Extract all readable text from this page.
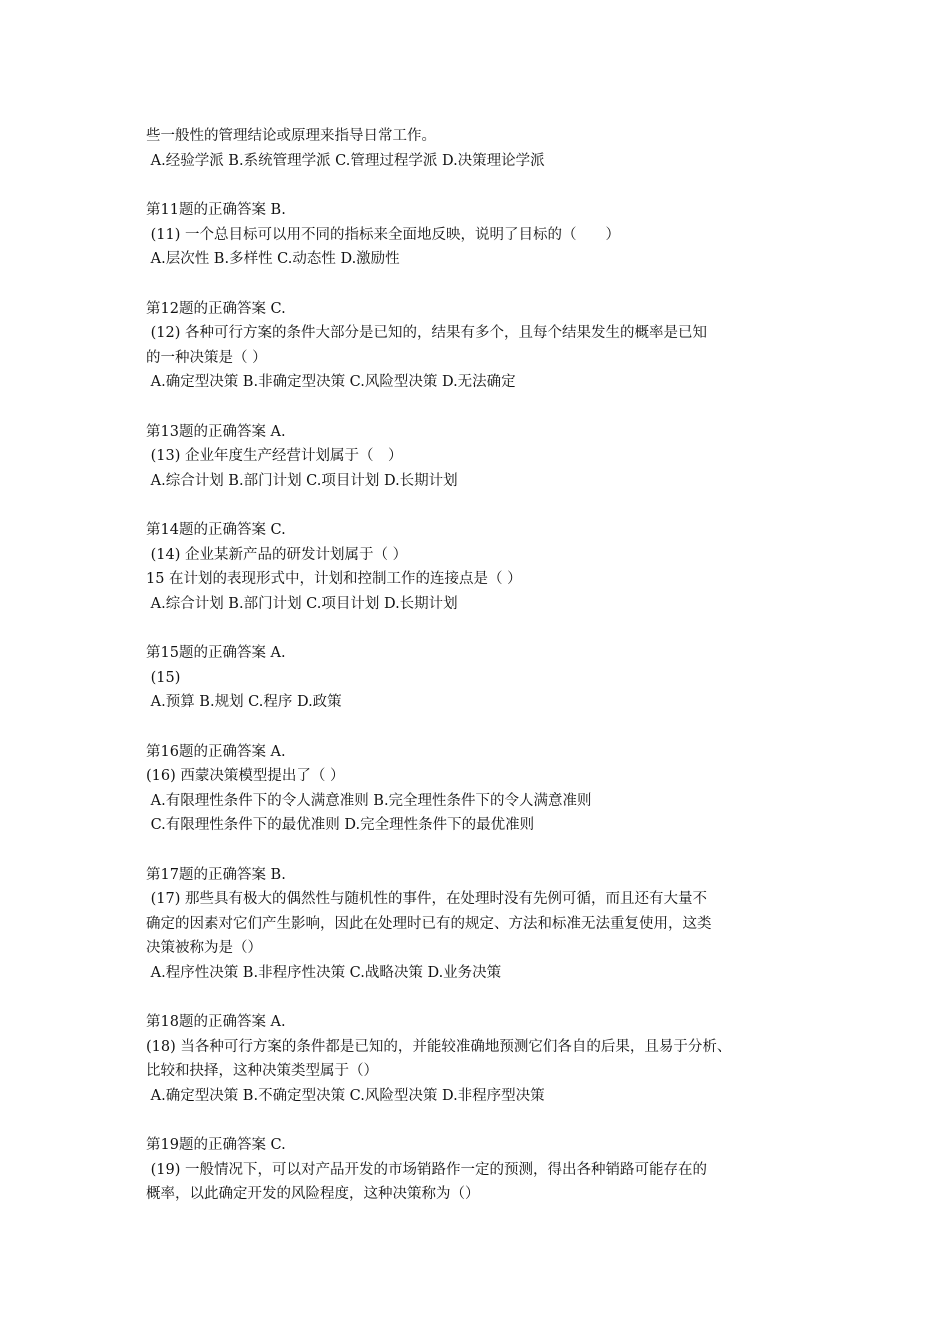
些一般性的管理结论或原理来指导日常工作。
A.经验学派 B.系统管理学派 C.管理过程学派 D.决策理论学派
第11题的正确答案 B.
(11) 一个总目标可以用不同的指标来全面地反映，说明了目标的（　　）
A.层次性 B.多样性 C.动态性 D.激励性
第12题的正确答案 C.
(12) 各种可行方案的条件大部分是已知的，结果有多个，且每个结果发生的概率是已知
的一种决策是（ ）
A.确定型决策 B.非确定型决策 C.风险型决策 D.无法确定
第13题的正确答案 A.
(13) 企业年度生产经营计划属于（　）
A.综合计划 B.部门计划 C.项目计划 D.长期计划
第14题的正确答案 C.
(14) 企业某新产品的研发计划属于（ ）
15 在计划的表现形式中，计划和控制工作的连接点是（ ）
A.综合计划 B.部门计划 C.项目计划 D.长期计划
第15题的正确答案 A.
(15)
A.预算 B.规划 C.程序 D.政策
第16题的正确答案 A.
(16) 西蒙决策模型提出了（ ）
A.有限理性条件下的令人满意准则 B.完全理性条件下的令人满意准则
C.有限理性条件下的最优准则 D.完全理性条件下的最优准则
第17题的正确答案 B.
(17) 那些具有极大的偶然性与随机性的事件，在处理时没有先例可循，而且还有大量不
确定的因素对它们产生影响，因此在处理时已有的规定、方法和标准无法重复使用，这类
决策被称为是（）
A.程序性决策 B.非程序性决策 C.战略决策 D.业务决策
第18题的正确答案 A.
(18) 当各种可行方案的条件都是已知的，并能较准确地预测它们各自的后果，且易于分析、
比较和抉择，这种决策类型属于（）
A.确定型决策 B.不确定型决策 C.风险型决策 D.非程序型决策
第19题的正确答案 C.
(19) 一般情况下，可以对产品开发的市场销路作一定的预测，得出各种销路可能存在的
概率，以此确定开发的风险程度，这种决策称为（）
